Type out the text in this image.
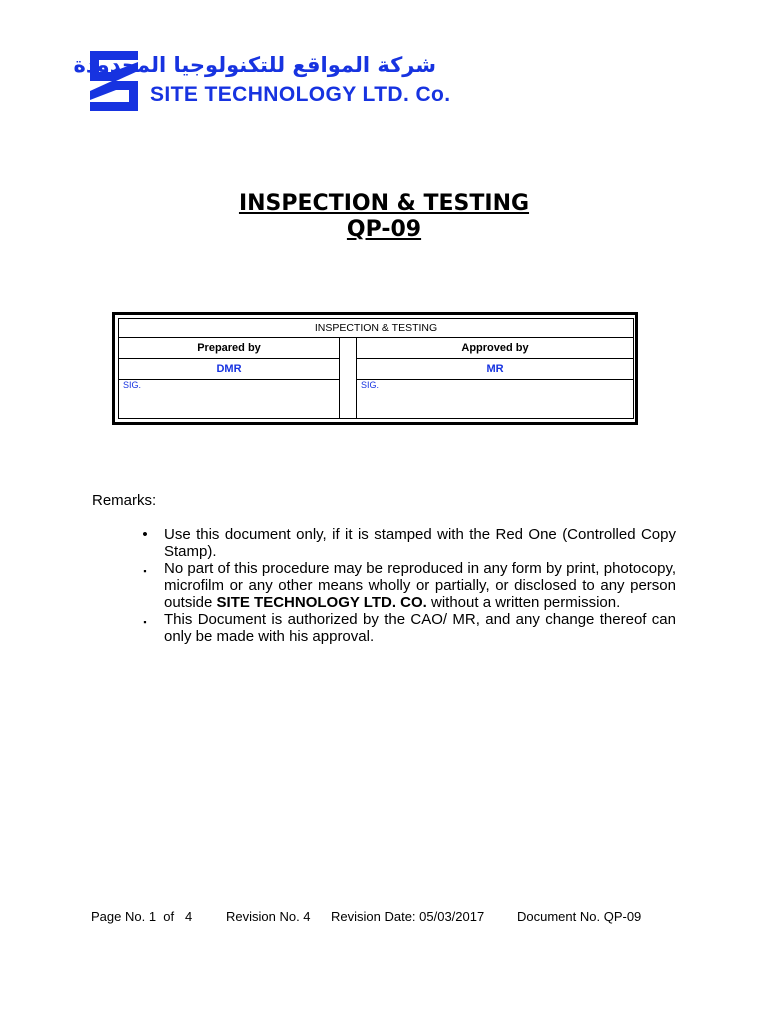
شركة المواقع للتكنولوجيا المحدودة
SITE TECHNOLOGY LTD. Co.
INSPECTION & TESTING
QP-09
INSPECTION & TESTING		
Prepared by		Approved by
DMR		MR
SIG.		SIG.
Remarks:
• Use this document only, if it is stamped with the Red One (Controlled Copy Stamp).
▪ No part of this procedure may be reproduced in any form by print, photocopy, microfilm or any other means wholly or partially, or disclosed to any person outside SITE TECHNOLOGY LTD. CO. without a written permission.
▪ This Document is authorized by the CAO/ MR, and any change thereof can only be made with his approval.
Page No. 1  of   4	Revision No. 4 Revision Date: 05/03/2017	Document No. QP-09
